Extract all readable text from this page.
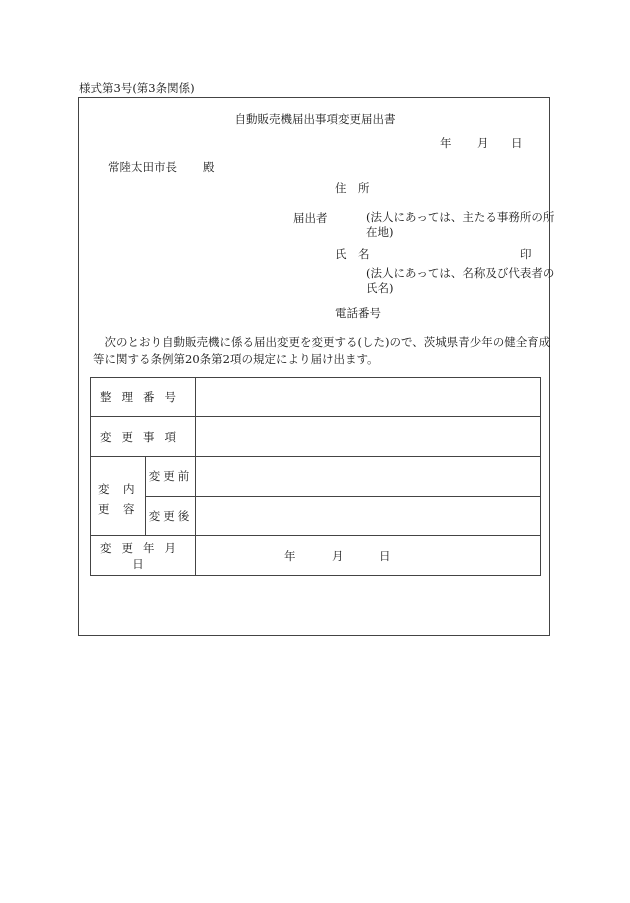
様式第3号(第3条関係)
自動販売機届出事項変更届出書
年 月 日
常陸太田市長 殿
住　所
届出者	(法人にあっては、主たる事務所の所在地)
氏　名	印
(法人にあっては、名称及び代表者の氏名)
電話番号
次のとおり自動販売機に係る届出変更を変更する(した)ので、茨城県青少年の健全育成等に関する条例第20条第2項の規定により届け出ます。
整理番号		
変更事項		

変 内
更 容	変更前	
	変更後	
変更年月日		年 月 日
